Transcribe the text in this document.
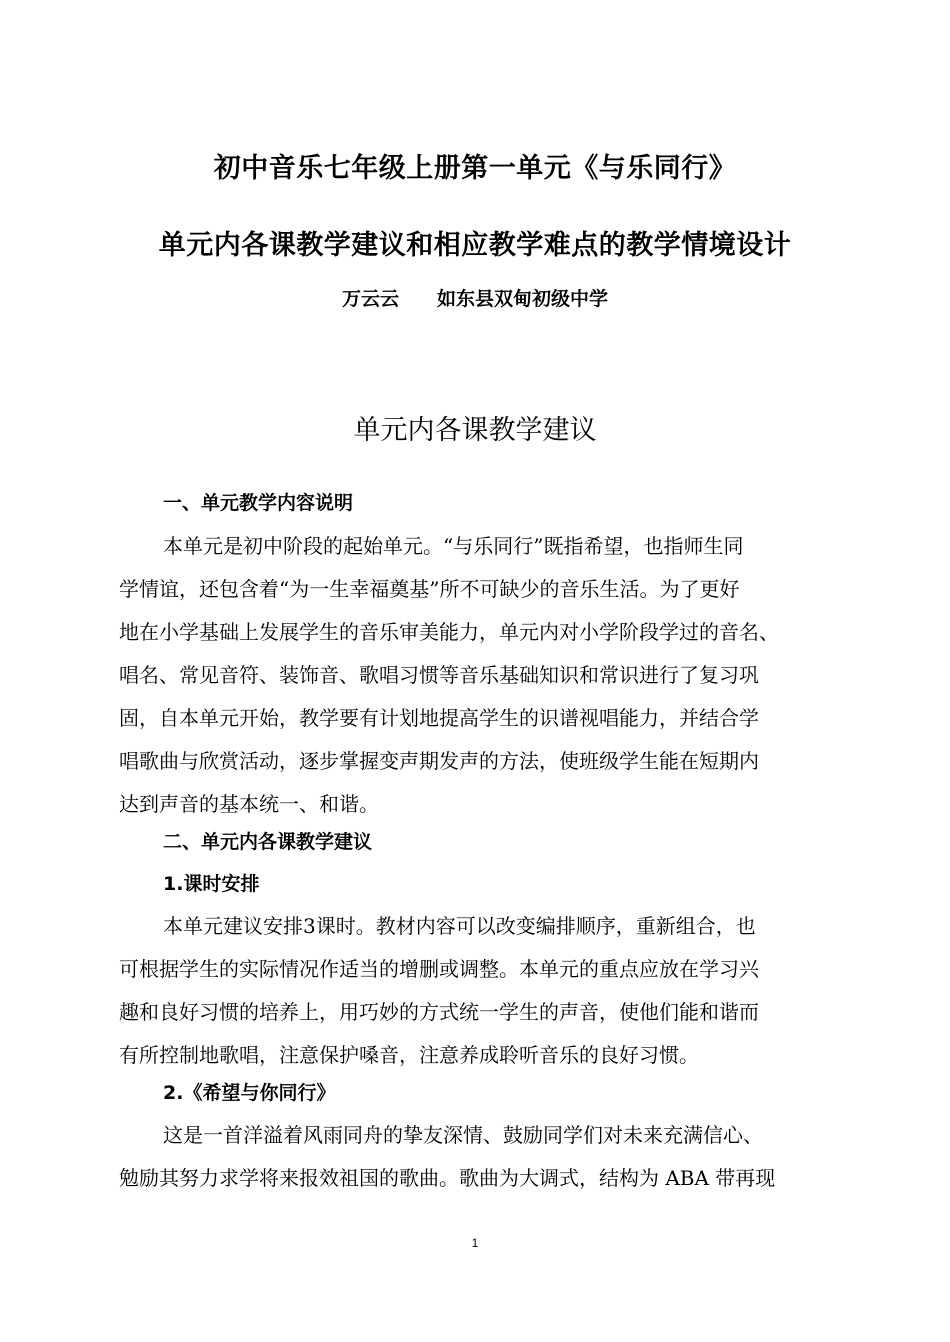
初中音乐七年级上册第一单元《与乐同行》
单元内各课教学建议和相应教学难点的教学情境设计
万云云 如东县双甸初级中学
单元内各课教学建议
一、单元教学内容说明
本单元是初中阶段的起始单元。“与乐同行”既指希望，也指师生同
学情谊，还包含着“为一生幸福奠基”所不可缺少的音乐生活。为了更好
地在小学基础上发展学生的音乐审美能力，单元内对小学阶段学过的音名、
唱名、常见音符、装饰音、歌唱习惯等音乐基础知识和常识进行了复习巩
固，自本单元开始，教学要有计划地提高学生的识谱视唱能力，并结合学
唱歌曲与欣赏活动，逐步掌握变声期发声的方法，使班级学生能在短期内
达到声音的基本统一、和谐。
二、单元内各课教学建议
1.课时安排
本单元建议安排3课时。教材内容可以改变编排顺序，重新组合，也
可根据学生的实际情况作适当的增删或调整。本单元的重点应放在学习兴
趣和良好习惯的培养上，用巧妙的方式统一学生的声音，使他们能和谐而
有所控制地歌唱，注意保护嗓音，注意养成聆听音乐的良好习惯。
2.《希望与你同行》
这是一首洋溢着风雨同舟的挚友深情、鼓励同学们对未来充满信心、
勉励其努力求学将来报效祖国的歌曲。歌曲为大调式，结构为 ABA 带再现
1
